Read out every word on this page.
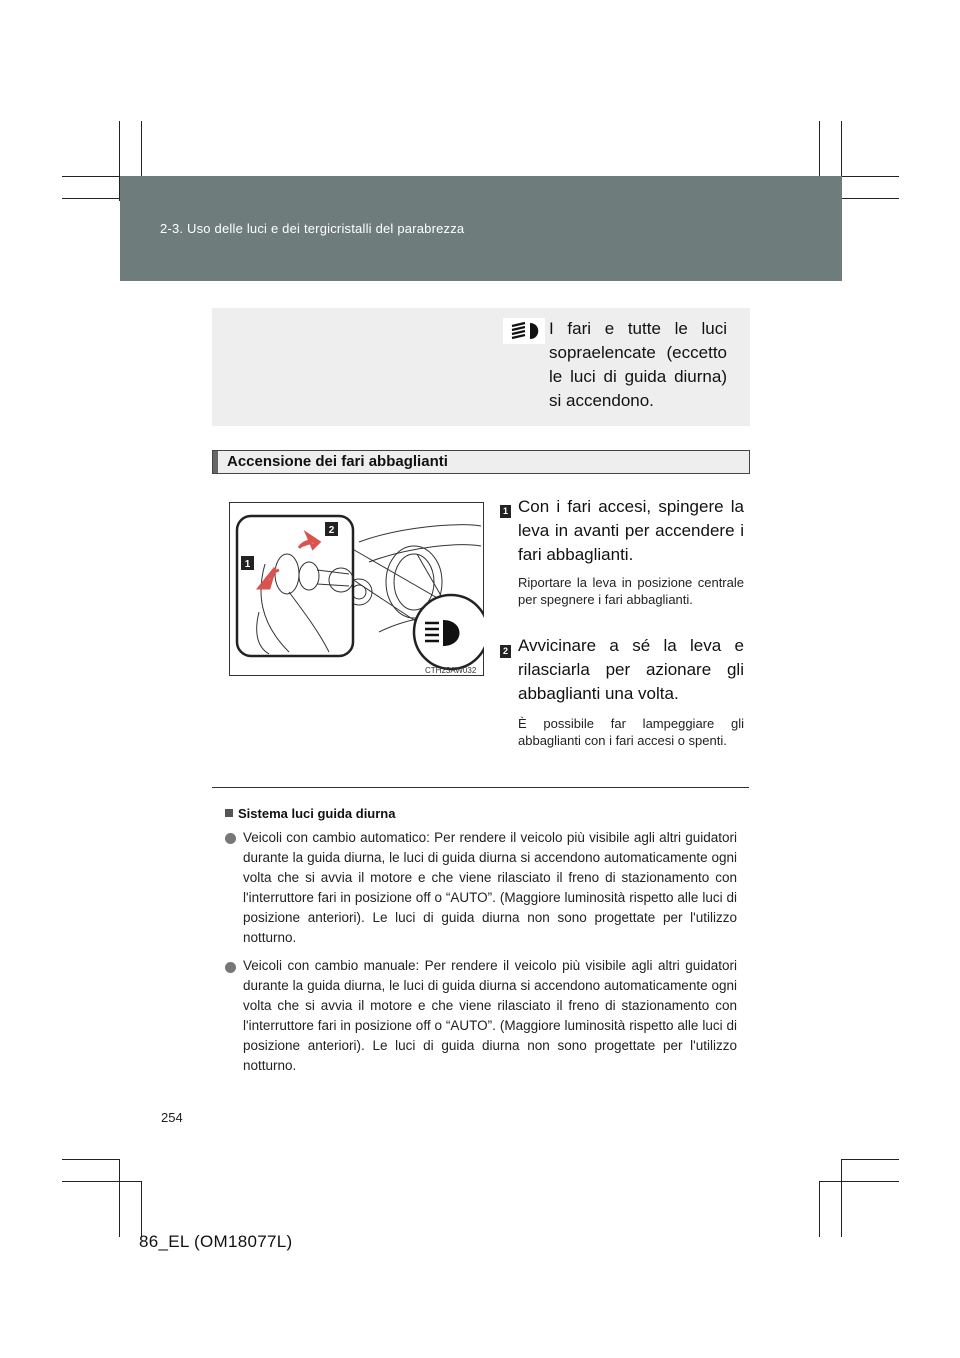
2-3. Uso delle luci e dei tergicristalli del parabrezza
I fari e tutte le luci sopraelencate (eccetto le luci di guida diurna) si accendono.
Accensione dei fari abbaglianti
2
1
CTH23AW032
1 Con i fari accesi, spingere la leva in avanti per accendere i fari abbaglianti.
Riportare la leva in posizione centrale per spegnere i fari abbaglianti.
2 Avvicinare a sé la leva e rilasciarla per azionare gli abbaglianti una volta.
È possibile far lampeggiare gli abbaglianti con i fari accesi o spenti.
Sistema luci guida diurna
Veicoli con cambio automatico: Per rendere il veicolo più visibile agli altri guidatori durante la guida diurna, le luci di guida diurna si accendono automaticamente ogni volta che si avvia il motore e che viene rilasciato il freno di stazionamento con l'interruttore fari in posizione off o “AUTO”. (Maggiore luminosità rispetto alle luci di posizione anteriori). Le luci di guida diurna non sono progettate per l'utilizzo notturno.
Veicoli con cambio manuale: Per rendere il veicolo più visibile agli altri guidatori durante la guida diurna, le luci di guida diurna si accendono automaticamente ogni volta che si avvia il motore e che viene rilasciato il freno di stazionamento con l'interruttore fari in posizione off o “AUTO”. (Maggiore luminosità rispetto alle luci di posizione anteriori). Le luci di guida diurna non sono progettate per l'utilizzo notturno.
254
86_EL (OM18077L)
